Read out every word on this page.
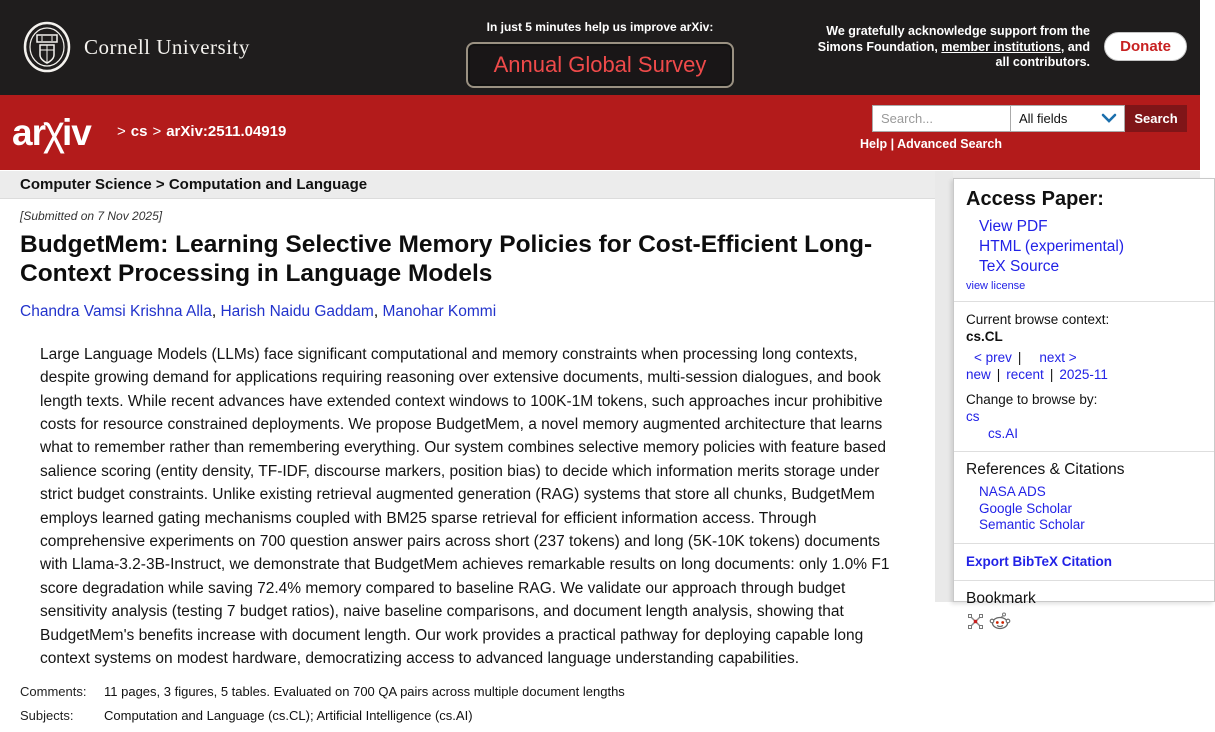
Cornell University
In just 5 minutes help us improve arXiv:
Annual Global Survey
We gratefully acknowledge support from the
Simons Foundation, member institutions, and
all contributors.
Donate
ar
χ
iv	> cs > arXiv:2511.04919
Search...
All fields	Search
Help | Advanced Search
Computer Science > Computation and Language
[Submitted on 7 Nov 2025]
BudgetMem: Learning Selective Memory Policies for Cost-Efficient Long-Context Processing in Language Models
Chandra Vamsi Krishna Alla, Harish Naidu Gaddam, Manohar Kommi

Large Language Models (LLMs) face significant computational and memory constraints when processing long contexts, despite growing demand for applications requiring reasoning over extensive documents, multi-session dialogues, and book length texts. While recent advances have extended context windows to 100K-1M tokens, such approaches incur prohibitive costs for resource constrained deployments. We propose BudgetMem, a novel memory augmented architecture that learns what to remember rather than remembering everything. Our system combines selective memory policies with feature based salience scoring (entity density, TF-IDF, discourse markers, position bias) to decide which information merits storage under strict budget constraints. Unlike existing retrieval augmented generation (RAG) systems that store all chunks, BudgetMem employs learned gating mechanisms coupled with BM25 sparse retrieval for efficient information access. Through comprehensive experiments on 700 question answer pairs across short (237 tokens) and long (5K-10K tokens) documents with Llama-3.2-3B-Instruct, we demonstrate that BudgetMem achieves remarkable results on long documents: only 1.0% F1 score degradation while saving 72.4% memory compared to baseline RAG. We validate our approach through budget sensitivity analysis (testing 7 budget ratios), naive baseline comparisons, and document length analysis, showing that BudgetMem's benefits increase with document length. Our work provides a practical pathway for deploying capable long context systems on modest hardware, democratizing access to advanced language understanding capabilities.

Comments:	11 pages, 3 figures, 5 tables. Evaluated on 700 QA pairs across multiple document lengths
Subjects:	Computation and Language (cs.CL); Artificial Intelligence (cs.AI)
Access Paper:
View PDF
HTML (experimental)
TeX Source
view license
Current browse context:
cs.CL
< prev | next >
new | recent | 2025-11
Change to browse by:
cs
cs.AI
References & Citations
NASA ADS
Google Scholar
Semantic Scholar
Export BibTeX Citation
Bookmark
